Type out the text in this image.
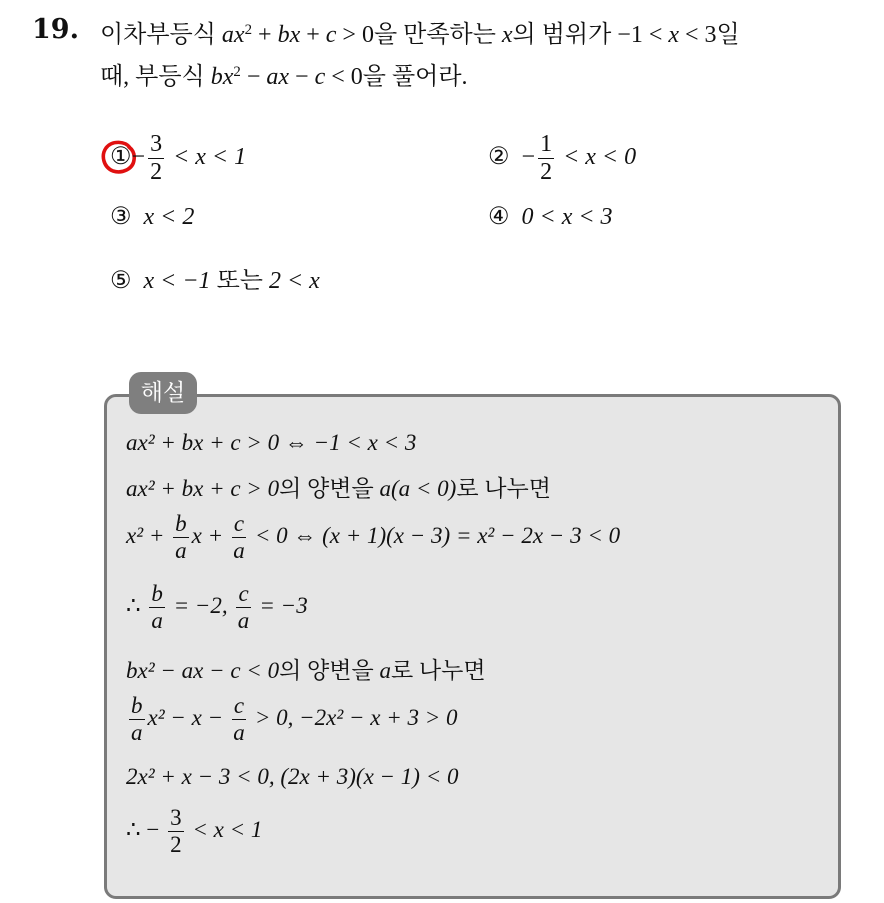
19. 이차부등식 $ax^2$ + bx + c > 0을 만족하는 x의 범위가 −1 < x < 3일
때, 부등식 $bx^2$ − ax − c < 0을 풀어라.
①− $\frac{3}{2} < x < 1$	② − $\frac{1}{2} < x < 0$
③ x < 2	④ 0 < x < 3
⑤ x < −1 또는 2 < x
해설
ax² + bx + c > 0 ⇔ −1 < x < 3
ax² + bx + c > 0의 양변을 a(a < 0)로 나누면
$x^2 + \frac{b}{a}$ $x + \frac{c}{a} < 0$ ⇔ (x + 1)(x − 3) = x² − 2x − 3 < 0
∴ $\frac{b}{a} = -2$, $\frac{c}{a} = -3$
bx² − ax − c < 0의 양변을 a로 나누면
$\frac{b}{a} x^2 - x - \frac{c}{a} > 0$, −2x² − x + 3 > 0
2x² + x − 3 < 0, (2x + 3)(x − 1) < 0
∴ − $\frac{3}{2} < x < 1$
